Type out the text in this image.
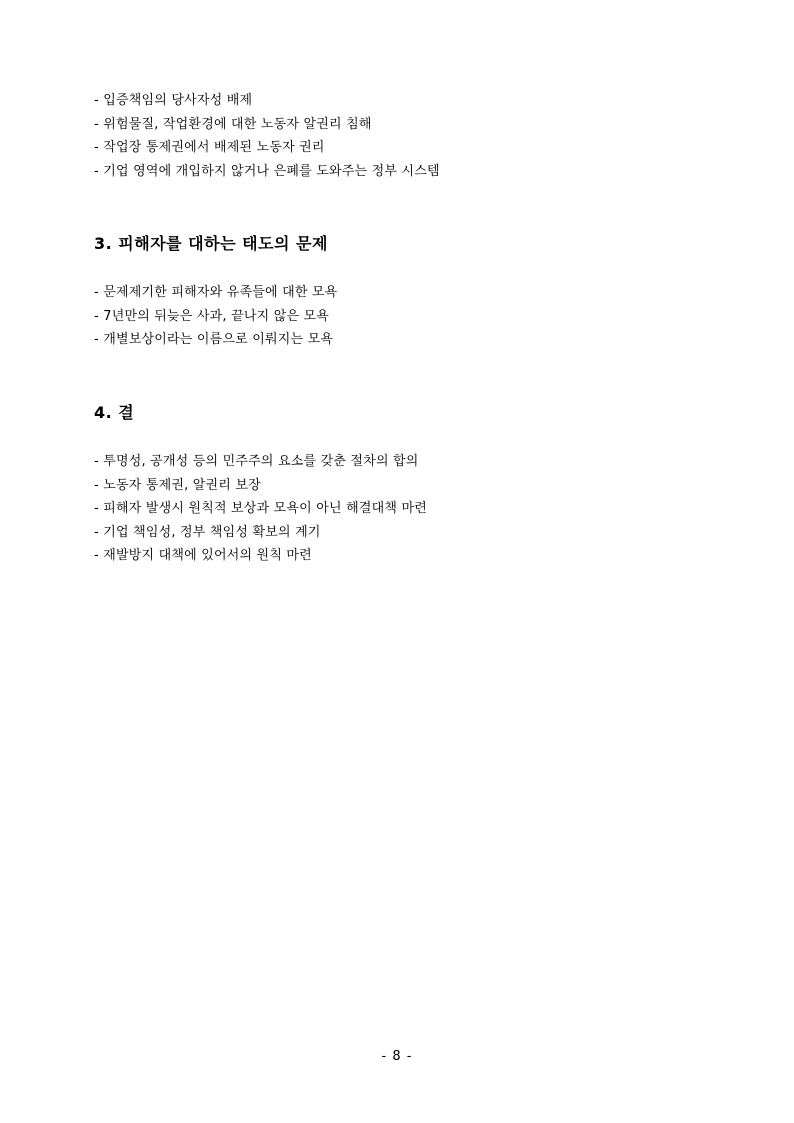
- 입증책임의 당사자성 배제
- 위험물질, 작업환경에 대한 노동자 알권리 침해
- 작업장 통제권에서 배제된 노동자 권리
- 기업 영역에 개입하지 않거나 은폐를 도와주는 정부 시스템
3. 피해자를 대하는 태도의 문제
- 문제제기한 피해자와 유족들에 대한 모욕
- 7년만의 뒤늦은 사과, 끝나지 않은 모욕
- 개별보상이라는 이름으로 이뤄지는 모욕
4. 결
- 투명성, 공개성 등의 민주주의 요소를 갖춘 절차의 합의
- 노동자 통제권, 알권리 보장
- 피해자 발생시 원칙적 보상과 모욕이 아닌 해결대책 마련
- 기업 책임성, 정부 책임성 확보의 계기
- 재발방지 대책에 있어서의 원칙 마련
- 8 -
